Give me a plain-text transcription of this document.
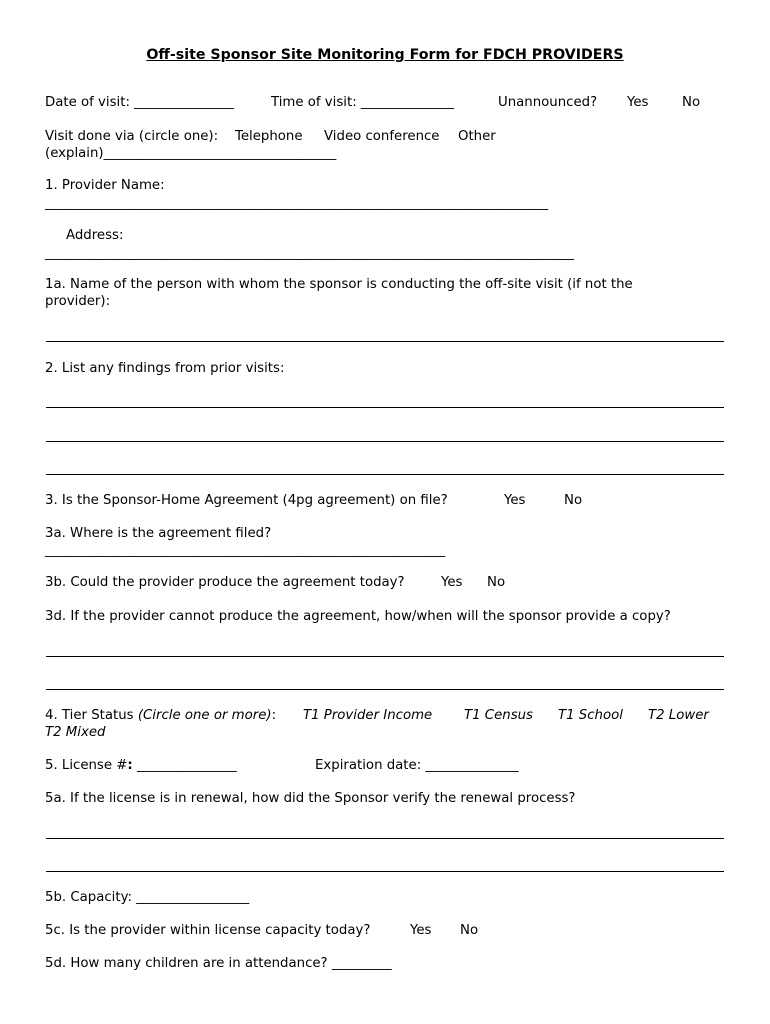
Off-site Sponsor Site Monitoring Form for FDCH PROVIDERS
Date of visit: _______________	Time of visit: ______________	Unannounced? Yes	No
Visit done via (circle one): Telephone Video conference Other
(explain)___________________________________
1. Provider Name:
______________________________________________________________________________
Address:
__________________________________________________________________________________
1a. Name of the person with whom the sponsor is conducting the off-site visit (if not the
provider):
2. List any findings from prior visits:
3. Is the Sponsor-Home Agreement (4pg agreement) on file?	Yes	No
3a. Where is the agreement filed?
______________________________________________________________
3b. Could the provider produce the agreement today?	Yes No
3d. If the provider cannot produce the agreement, how/when will the sponsor provide a copy?
4. Tier Status (Circle one or more): T1 Provider Income T1 Census T1 School T2 Lower
T2 Mixed
5. License #: _______________	Expiration date: ______________
5a. If the license is in renewal, how did the Sponsor verify the renewal process?
5b. Capacity: _________________
5c. Is the provider within license capacity today?	Yes No
5d. How many children are in attendance? _________
